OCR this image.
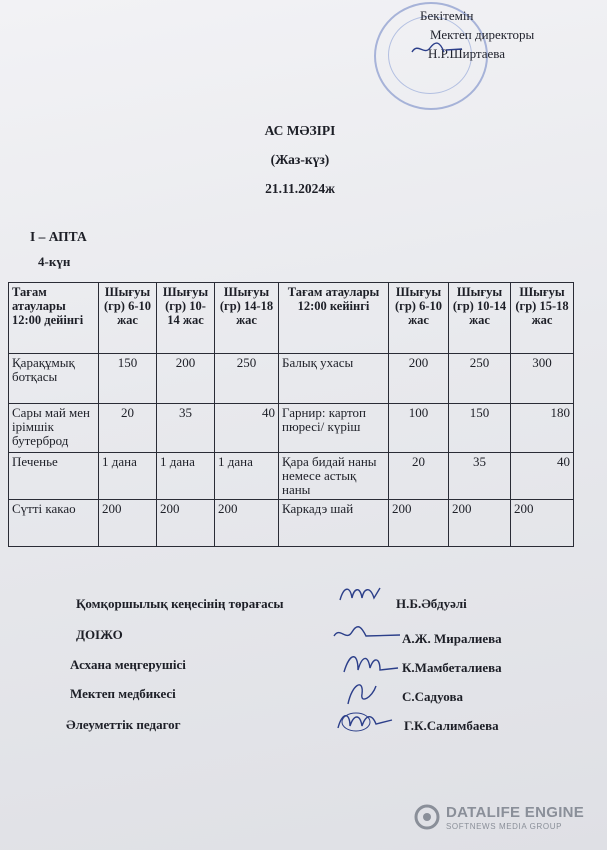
Бекітемін
Мектеп директоры
Н.Р.Ширтаева
АС МӘЗІРІ
(Жаз-күз)
21.11.2024ж
I – АПТА
4-күн
Тағам атаулары 12:00 дейінгі	Шығуы (гр) 6-10 жас	Шығуы (гр) 10-14 жас	Шығуы (гр) 14-18 жас	Тағам атаулары 12:00 кейінгі	Шығуы (гр) 6-10 жас	Шығуы (гр) 10-14 жас	Шығуы (гр) 15-18 жас
Қарақұмық ботқасы	150	200	250	Балық ухасы	200	250	300
Сары май мен ірімшік бутерброд	20	35	40	Гарнир: картоп пюресі/ күріш	100	150	180
Печенье	1 дана	1 дана	1 дана	Қара бидай наны немесе астық наны	20	35	40
Сүтті какао	200	200	200	Каркадэ шай	200	200	200
Қомқоршылық кеңесінің төрағасы	Н.Б.Әбдуәлі
ДОІЖО	А.Ж. Миралиева
Асхана меңгерушісі	К.Мамбеталиева
Мектеп медбикесі	С.Садуова
Әлеуметтік педагог	Г.К.Салимбаева
DATALIFE ENGINE
SOFTNEWS MEDIA GROUP
